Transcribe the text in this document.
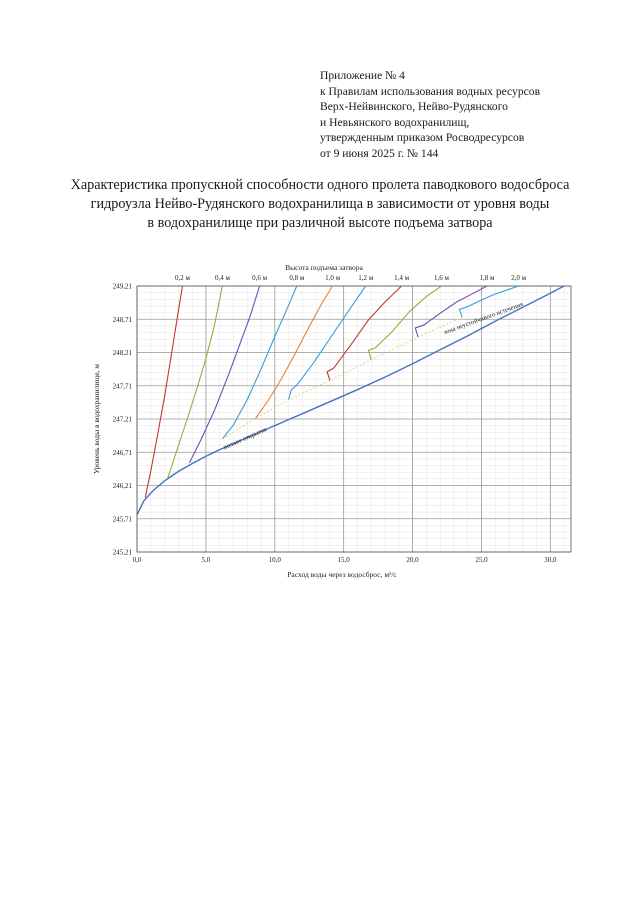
Приложение № 4
к Правилам использования водных ресурсов
Верх-Нейвинского, Нейво-Рудянского
и Невьянского водохранилищ,
утвержденным приказом Росводресурсов
от 9 июня 2025 г. № 144
Характеристика пропускной способности одного пролета паводкового водосброса
гидроузла Нейво-Рудянского водохранилища в зависимости от уровня воды
в водохранилище при различной высоте подъема затвора
0,0	5,0	10,0	15,0	20,0	25,0	30,0
245,21
245,71
246,21
246,71
247,21
247,71
248,21
248,71
249,21
Расход воды через водосброс, м³/с
Уровень воды в водохранилище, м
Высота подъема затвора
0,2 м	0,4 м	0,6 м	0,8 м	1,0 м	1,2 м	1,4 м	1,6 м	1,8 м 2,0 м
полное открытие
зона неустойчивого истечения
